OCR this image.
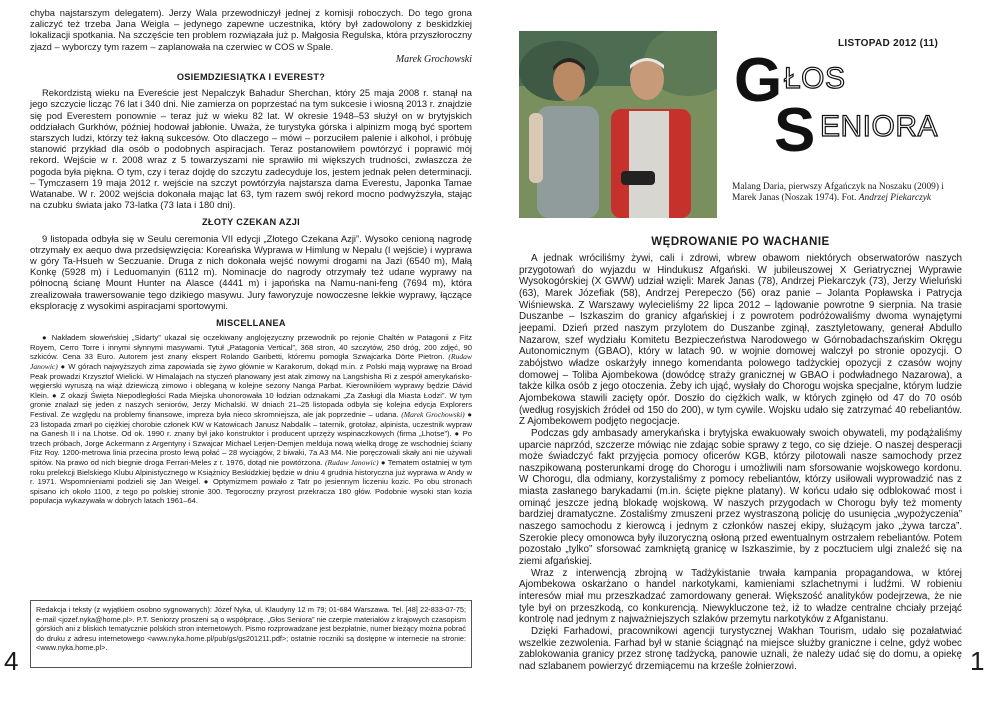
chyba najstarszym delegatem). Jerzy Wala przewodniczył jednej z komisji roboczych. Do tego grona zaliczyć też trzeba Jana Weigla – jedynego zapewne uczestnika, który był zadowolony z beskidzkiej lokalizacji spotkania. Na szczęście ten problem rozwiązała już p. Małgosia Regulska, która przyszłoroczny zjazd – wyborczy tym razem – zaplanowała na czerwiec w COS w Spale.

Marek Grochowski
OSIEMDZIESIĄTKA I EVEREST?

Rekordzistą wieku na Evereście jest Nepalczyk Bahadur Sherchan, który 25 maja 2008 r. stanął na jego szczycie licząc 76 lat i 340 dni. Nie zamierza on poprzestać na tym sukcesie i wiosną 2013 r. znajdzie się pod Everestem ponownie – teraz już w wieku 82 lat. W okresie 1948–53 służył on w brytyjskich oddziałach Gurkhów, później hodował jabłonie. Uważa, że turystyka górska i alpinizm mogą być sportem starszych ludzi, którzy też łakną sukcesów. Oto dlaczego – mówi – porzuciłem palenie i alkohol, i próbuję stanowić przykład dla osób o podobnych aspiracjach. Teraz postanowiłem powtórzyć i poprawić mój rekord. Wejście w r. 2008 wraz z 5 towarzyszami nie sprawiło mi większych trudności, zwłaszcza że pogoda była piękna. O tym, czy i teraz dojdę do szczytu zadecyduje los, jestem jednak pełen determinacji. – Tymczasem 19 maja 2012 r. wejście na szczyt powtórzyła najstarsza dama Everestu, Japonka Tamae Watanabe. W r. 2002 wejścia dokonała mając lat 63, tym razem swój rekord mocno podwyższyła, stając na czubku świata jako 73-latka (73 lata i 180 dni).

ZŁOTY CZEKAN AZJI

9 listopada odbyła się w Seulu ceremonia VII edycji „Złotego Czekana Azji”. Wysoko cenioną nagrodę otrzymały ex aequo dwa przedsięwzięcia: Koreańska Wyprawa w Himlung w Nepalu (I wejście) i wyprawa w góry Ta-Hsueh w Seczuanie. Druga z nich dokonała wejść nowymi drogami na Jazi (6540 m), Małą Konkę (5928 m) i Leduomanyin (6112 m). Nominacje do nagrody otrzymały też udane wyprawy na północną ścianę Mount Hunter na Alasce (4441 m) i japońska na Namu-nani-feng (7694 m), która zrealizowała trawersowanie tego dzikiego masywu. Jury faworyzuje nowoczesne lekkie wyprawy, łączące eksplorację z wysokimi aspiracjami sportowymi.

MISCELLANEA

● Nakładem słoweńskiej „Sidarty” ukazał się oczekiwany anglojęzyczny przewodnik po rejonie Chaltén w Patagonii z Fitz Royem, Cerro Torre i innymi słynnymi masywami. Tytuł „Patagonia Vertical”, 368 stron, 40 szczytów, 250 dróg, 200 zdjęć, 90 szkiców. Cena 33 Euro. Autorem jest znany ekspert Rolando Garibetti, któremu pomogła Szwajcarka Dörte Pietron. (Rudaw Janowic) ● W górach najwyższych zima zapowiada się żywo głównie w Karakorum, dokąd m.in. z Polski mają wyprawę na Broad Peak prowadzi Krzysztof Wielicki. W Himalajach na styczeń planowany jest atak zimowy na Langshisha Ri z zespół amerykańsko-węgierski wyruszą na wiąż dziewiczą zimowo i obleganą w kolejne sezony Nanga Parbat. Kierownikiem wyprawy będzie Dávid Klein. ● Z okazji Święta Niepodległości Rada Miejska uhonorowała 10 łodzian odznakami „Za Zasługi dla Miasta Łodzi”. W tym gronie znalazł się jeden z naszych seniorów, Jerzy Michalski. W dniach 21–25 listopada odbyła się kolejna edycja Explorers Festival. Ze względu na problemy finansowe, impreza była nieco skromniejsza, ale jak poprzednie – udana. (Marek Grochowski) ● 23 listopada zmarł po ciężkiej chorobie członek KW w Katowicach Janusz Nabdalik – taternik, grotołaz, alpinista, uczestnik wypraw na Ganesh II i na Lhotse. Od ok. 1990 r. znany był jako konstruktor i producent uprzęży wspinaczkowych (firma „Lhotse”). ● Po trzech próbach, Jorge Ackermann z Argentyny i Szwajcar Michael Lerjen-Demjen melduja nową wielką drogę ze wschodniej ściany Fitz Roy. 1200-metrowa linia przecina prosto lewą połać – 28 wyciągów, 2 biwaki, 7a A3 M4. Nie poręczowali skały ani nie używali spitów. Na prawo od nich biegnie droga Ferrari-Meles z r. 1976, dotąd nie powtórzona. (Rudaw Janowic) ● Tematem ostatniej w tym roku prelekcji Bielskiego Klubu Alpinistycznego w Książnicy Beskidzkiej będzie w dniu 4 grudnia historyczna już wyprawa w Andy w r. 1971. Wspomnieniami podzieli się Jan Weigel. ● Optymizmem powiało z Tatr po jesiennym liczeniu kozic. Po obu stronach spisano ich około 1100, z tego po polskiej stronie 300. Tegoroczny przyrost przekracza 180 głów. Podobnie wysoki stan kozia populacja wykazywała w dobrych latach 1961–64.

Redakcja i teksty (z wyjątkiem osobno sygnowanych): Józef Nyka, ul. Klaudyny 12 m 79; 01-684 Warszawa. Tel. [48] 22-833-07-75; e-mail <jozef.nyka@home.pl>. P.T. Seniorzy proszeni są o współpracę. „Głos Seniora” nie czerpie materiałów z krajowych czasopism górskich ani z bliskich tematycznie polskich stron internetowych. Pismo rozprowadzane jest bezpłatnie, numer bieżący można pobrać do druku z adresu internetowego <www.nyka.home.pl/pub/gs/gs201211.pdf>; ostatnie roczniki są dostępne w internecie na stronie: <www.nyka.home.pl>.
4
LISTOPAD 2012 (11)
G ŁOS
S ENIORA
Malang Daria, pierwszy Afgańczyk na Noszaku (2009) i Marek Janas (Noszak 1974). Fot. Andrzej Piekarczyk
WĘDROWANIE PO WACHANIE

A jednak wróciliśmy żywi, cali i zdrowi, wbrew obawom niektórych obserwatorów naszych przygotowań do wyjazdu w Hindukusz Afgański. W jubileuszowej X Geriatrycznej Wyprawie Wysokogórskiej (X GWW) udział wzięli: Marek Janas (78), Andrzej Piekarczyk (73), Jerzy Wieluński (63), Marek Józefiak (58), Andrzej Perepeczo (56) oraz panie – Jolanta Popławska i Patrycja Wiśniewska. Z Warszawy wylecieliśmy 22 lipca 2012 – lądowanie powrotne 9 sierpnia. Na trasie Duszanbe – Iszkaszim do granicy afgańskiej i z powrotem podróżowaliśmy dwoma wynajętymi jeepami. Dzień przed naszym przylotem do Duszanbe zginął, zasztyletowany, generał Abdullo Nazarow, szef wydziału Komitetu Bezpieczeństwa Narodowego w Górnobadachszańskim Okręgu Autonomicznym (GBAO), który w latach 90. w wojnie domowej walczył po stronie opozycji. O zabójstwo władze oskarżyły innego komendanta polowego tadżyckiej opozycji z czasów wojny domowej – Toliba Ajombekowa (dowódcę straży granicznej w GBAO i podwładnego Nazarowa), a także kilka osób z jego otoczenia. Żeby ich ująć, wysłały do Chorogu wojska specjalne, którym ludzie Ajombekowa stawili zacięty opór. Doszło do ciężkich walk, w których zginęło od 47 do 70 osób (według rosyjskich źródeł od 150 do 200), w tym cywile. Wojsku udało się zatrzymać 40 rebeliantów. Z Ajombekowem podjęto negocjacje.

Podczas gdy ambasady amerykańska i brytyjska ewakuowały swoich obywateli, my podążaliśmy uparcie naprzód, szczerze mówiąc nie zdając sobie sprawy z tego, co się dzieje. O naszej desperacji może świadczyć fakt przyjęcia pomocy oficerów KGB, którzy pilotowali nasze samochody przez naszpikowaną posterunkami drogę do Chorogu i umożliwili nam sforsowanie wojskowego kordonu. W Chorogu, dla odmiany, korzystaliśmy z pomocy rebeliantów, którzy usiłowali wyprowadzić nas z miasta zasłanego barykadami (m.in. ścięte piękne platany). W końcu udało się odblokować most i ominąć jeszcze jedną blokadę wojskową. W naszych przygodach w Chorogu były też momenty bardziej dramatyczne. Zostaliśmy zmuszeni przez wystraszoną policję do usunięcia „wypożyczenia” naszego samochodu z kierowcą i jednym z członków naszej ekipy, służącym jako „żywa tarcza”. Szerokie plecy omonowca były iluzoryczną osłoną przed ewentualnym ostrzałem rebeliantów. Potem pozostało „tylko” sforsować zamkniętą granicę w Iszkaszimie, by z pocztuciem ulgi znaleźć się na ziemi afgańskiej.

Wraz z interwencją zbrojną w Tadżykistanie trwała kampania propagandowa, w której Ajombekowa oskarżano o handel narkotykami, kamieniami szlachetnymi i ludźmi. W robieniu interesów miał mu przeszkadzać zamordowany generał. Większość analityków podejrzewa, że nie tyle był on przeszkodą, co konkurencją. Niewykluczone też, iż to władze centralne chciały przejąć kontrolę nad jednym z najważniejszych szlaków przemytu narkotyków z Afganistanu.

Dzięki Farhadowi, pracownikowi agencji turystycznej Wakhan Tourism, udało się pozałatwiać wszelkie zezwolenia. Farhad był w stanie ściągnąć na miejsce służby graniczne i celne, gdyż wobec zablokowania granicy przez stronę tadżycką, panowie uznali, że należy udać się do domu, a opiekę nad szlabanem powierzyć drzemiącemu na krześle żołnierzowi.	1
